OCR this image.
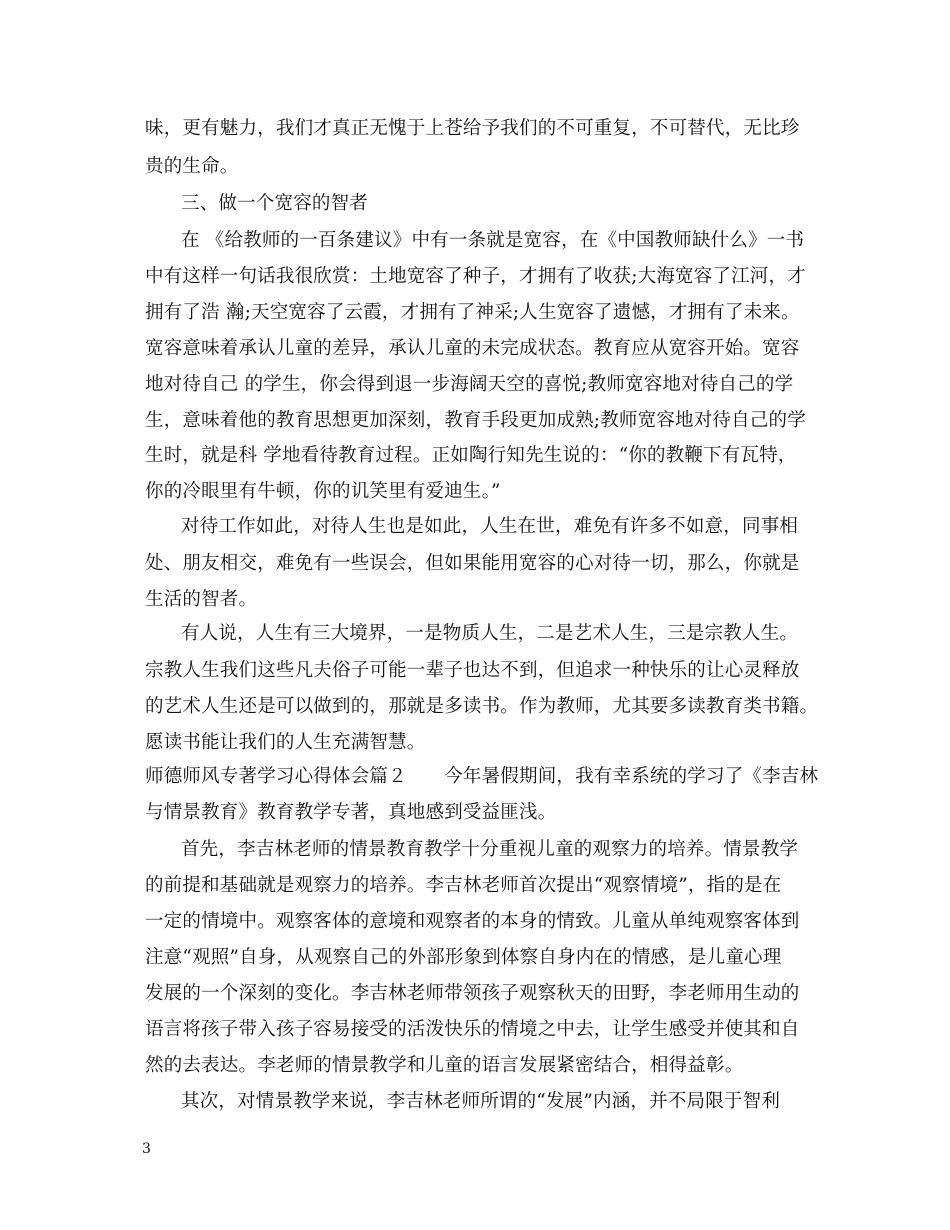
味，更有魅力，我们才真正无愧于上苍给予我们的不可重复，不可替代，无比珍
贵的生命。
三、做一个宽容的智者
在 《给教师的一百条建议》中有一条就是宽容，在《中国教师缺什么》一书
中有这样一句话我很欣赏：土地宽容了种子，才拥有了收获;大海宽容了江河，才
拥有了浩 瀚;天空宽容了云霞，才拥有了神采;人生宽容了遗憾，才拥有了未来。
宽容意味着承认儿童的差异，承认儿童的未完成状态。教育应从宽容开始。宽容
地对待自己 的学生，你会得到退一步海阔天空的喜悦;教师宽容地对待自己的学
生，意味着他的教育思想更加深刻，教育手段更加成熟;教师宽容地对待自己的学
生时，就是科 学地看待教育过程。正如陶行知先生说的：“你的教鞭下有瓦特，
你的冷眼里有牛顿，你的讥笑里有爱迪生。”
对待工作如此，对待人生也是如此，人生在世，难免有许多不如意，同事相
处、朋友相交，难免有一些误会，但如果能用宽容的心对待一切，那么，你就是
生活的智者。
有人说，人生有三大境界，一是物质人生，二是艺术人生，三是宗教人生。
宗教人生我们这些凡夫俗子可能一辈子也达不到，但追求一种快乐的让心灵释放
的艺术人生还是可以做到的，那就是多读书。作为教师，尤其要多读教育类书籍。
愿读书能让我们的人生充满智慧。
师德师风专著学习心得体会篇２　　今年暑假期间，我有幸系统的学习了《李吉林
与情景教育》教育教学专著，真地感到受益匪浅。
首先，李吉林老师的情景教育教学十分重视儿童的观察力的培养。情景教学
的前提和基础就是观察力的培养。李吉林老师首次提出“观察情境”，指的是在
一定的情境中。观察客体的意境和观察者的本身的情致。儿童从单纯观察客体到
注意“观照”自身，从观察自己的外部形象到体察自身内在的情感，是儿童心理
发展的一个深刻的变化。李吉林老师带领孩子观察秋天的田野，李老师用生动的
语言将孩子带入孩子容易接受的活泼快乐的情境之中去，让学生感受并使其和自
然的去表达。李老师的情景教学和儿童的语言发展紧密结合，相得益彰。
其次，对情景教学来说，李吉林老师所谓的“发展”内涵，并不局限于智利
3
